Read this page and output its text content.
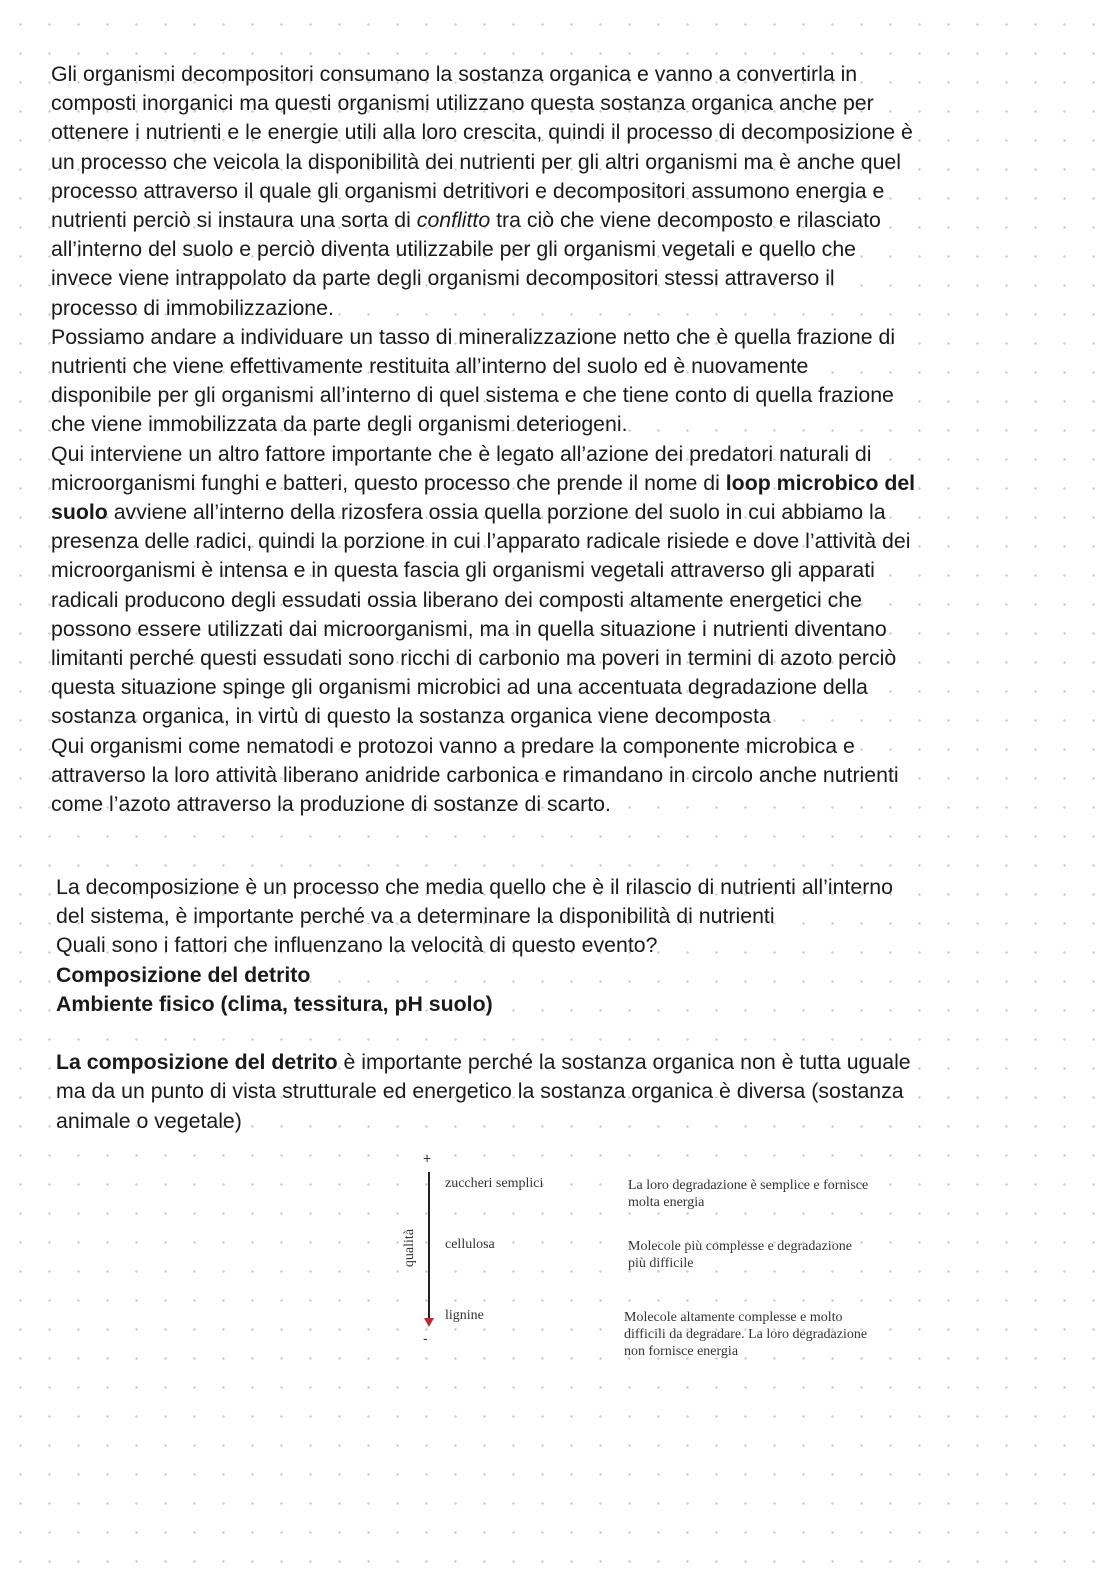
Gli organismi decompositori consumano la sostanza organica e vanno a convertirla in
composti inorganici ma questi organismi utilizzano questa sostanza organica anche per
ottenere i nutrienti e le energie utili alla loro crescita, quindi il processo di decomposizione è
un processo che veicola la disponibilità dei nutrienti per gli altri organismi ma è anche quel
processo attraverso il quale gli organismi detritivori e decompositori assumono energia e
nutrienti perciò si instaura una sorta di conflitto tra ciò che viene decomposto e rilasciato
all’interno del suolo e perciò diventa utilizzabile per gli organismi vegetali e quello che
invece viene intrappolato da parte degli organismi decompositori stessi attraverso il
processo di immobilizzazione.
Possiamo andare a individuare un tasso di mineralizzazione netto che è quella frazione di
nutrienti che viene effettivamente restituita all’interno del suolo ed è nuovamente
disponibile per gli organismi all’interno di quel sistema e che tiene conto di quella frazione
che viene immobilizzata da parte degli organismi deteriogeni.
Qui interviene un altro fattore importante che è legato all’azione dei predatori naturali di
microorganismi funghi e batteri, questo processo che prende il nome di loop microbico del
suolo avviene all’interno della rizosfera ossia quella porzione del suolo in cui abbiamo la
presenza delle radici, quindi la porzione in cui l’apparato radicale risiede e dove l’attività dei
microorganismi è intensa e in questa fascia gli organismi vegetali attraverso gli apparati
radicali producono degli essudati ossia liberano dei composti altamente energetici che
possono essere utilizzati dai microorganismi, ma in quella situazione i nutrienti diventano
limitanti perché questi essudati sono ricchi di carbonio ma poveri in termini di azoto perciò
questa situazione spinge gli organismi microbici ad una accentuata degradazione della
sostanza organica, in virtù di questo la sostanza organica viene decomposta
Qui organismi come nematodi e protozoi vanno a predare la componente microbica e
attraverso la loro attività liberano anidride carbonica e rimandano in circolo anche nutrienti
come l’azoto attraverso la produzione di sostanze di scarto.
La decomposizione è un processo che media quello che è il rilascio di nutrienti all’interno
del sistema, è importante perché va a determinare la disponibilità di nutrienti
Quali sono i fattori che influenzano la velocità di questo evento?
Composizione del detrito
Ambiente fisico (clima, tessitura, pH suolo)

La composizione del detrito è importante perché la sostanza organica non è tutta uguale
ma da un punto di vista strutturale ed energetico la sostanza organica è diversa (sostanza
animale o vegetale)
+
-
qualità
zuccheri semplici	La loro degradazione è semplice e fornisce
molta energia
cellulosa	Molecole più complesse e degradazione
più difficile
lignine	Molecole altamente complesse e molto
difficili da degradare. La loro degradazione
non fornisce energia
